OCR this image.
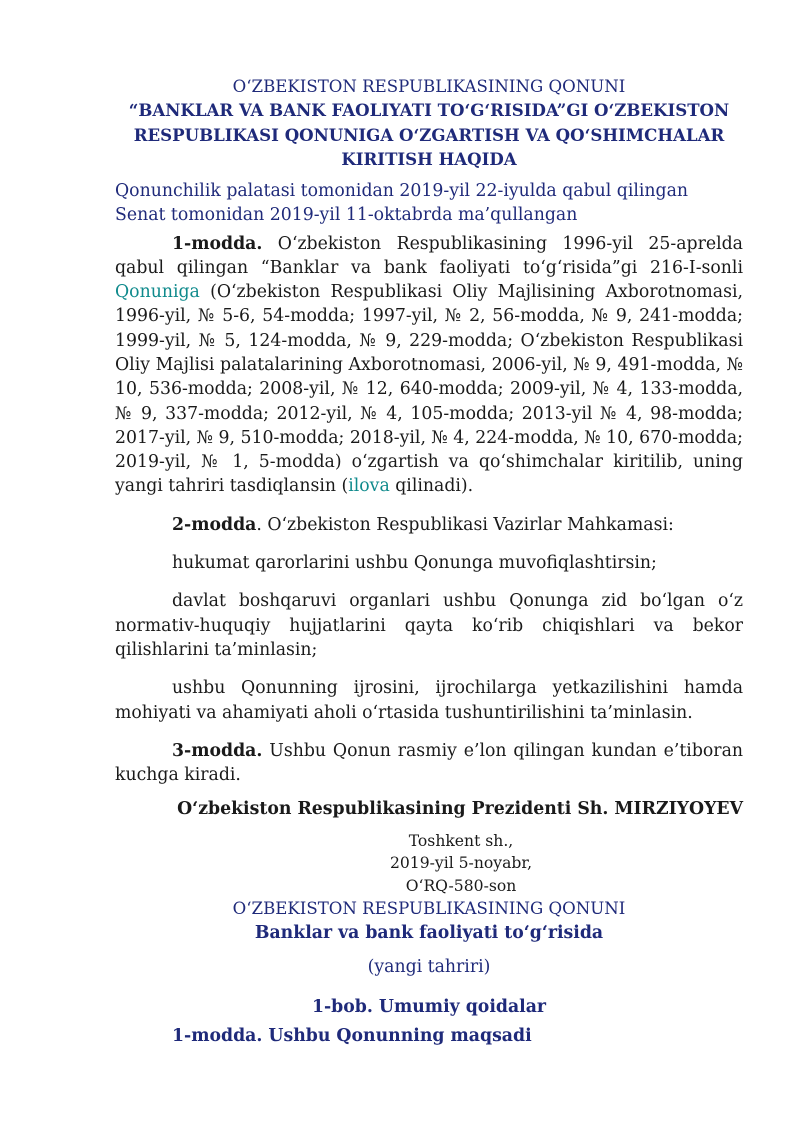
O‘ZBEKISTON RESPUBLIKASINING QONUNI
“BANKLAR VA BANK FAOLIYATI TO‘G‘RISIDA”GI O‘ZBEKISTON
RESPUBLIKASI QONUNIGA O‘ZGARTISH VA QO‘SHIMCHALAR
KIRITISH HAQIDA
Qonunchilik palatasi tomonidan 2019-yil 22-iyulda qabul qilingan
Senat tomonidan 2019-yil 11-oktabrda ma’qullangan

1-modda. O‘zbekiston Respublikasining 1996-yil 25-aprelda qabul qilingan “Banklar va bank faoliyati to‘g‘risida”gi 216-I-sonli Qonuniga (O‘zbekiston Respublikasi Oliy Majlisining Axborotnomasi, 1996-yil, № 5-6, 54-modda; 1997-yil, № 2, 56-modda, № 9, 241-modda; 1999-yil, № 5, 124-modda, № 9, 229-modda; O‘zbekiston Respublikasi Oliy Majlisi palatalarining Axborotnomasi, 2006-yil, № 9, 491-modda, № 10, 536-modda; 2008-yil, № 12, 640-modda; 2009-yil, № 4, 133-modda, № 9, 337-modda; 2012-yil, № 4, 105-modda; 2013-yil № 4, 98-modda; 2017-yil, № 9, 510-modda; 2018-yil, № 4, 224-modda, № 10, 670-modda; 2019-yil, № 1, 5-modda) o‘zgartish va qo‘shimchalar kiritilib, uning yangi tahriri tasdiqlansin (ilova qilinadi).

2-modda. O‘zbekiston Respublikasi Vazirlar Mahkamasi:

hukumat qarorlarini ushbu Qonunga muvofiqlashtirsin;

davlat boshqaruvi organlari ushbu Qonunga zid bo‘lgan o‘z normativ-huquqiy hujjatlarini qayta ko‘rib chiqishlari va bekor qilishlarini ta’minlasin;

ushbu Qonunning ijrosini, ijrochilarga yetkazilishini hamda mohiyati va ahamiyati aholi o‘rtasida tushuntirilishini ta’minlasin.

3-modda. Ushbu Qonun rasmiy e’lon qilingan kundan e’tiboran kuchga kiradi.

O‘zbekiston Respublikasining Prezidenti Sh. MIRZIYOYEV
Toshkent sh.,
2019-yil 5-noyabr,
O‘RQ-580-son
O‘ZBEKISTON RESPUBLIKASINING QONUNI
Banklar va bank faoliyati to‘g‘risida
(yangi tahriri)
1-bob. Umumiy qoidalar
1-modda. Ushbu Qonunning maqsadi
